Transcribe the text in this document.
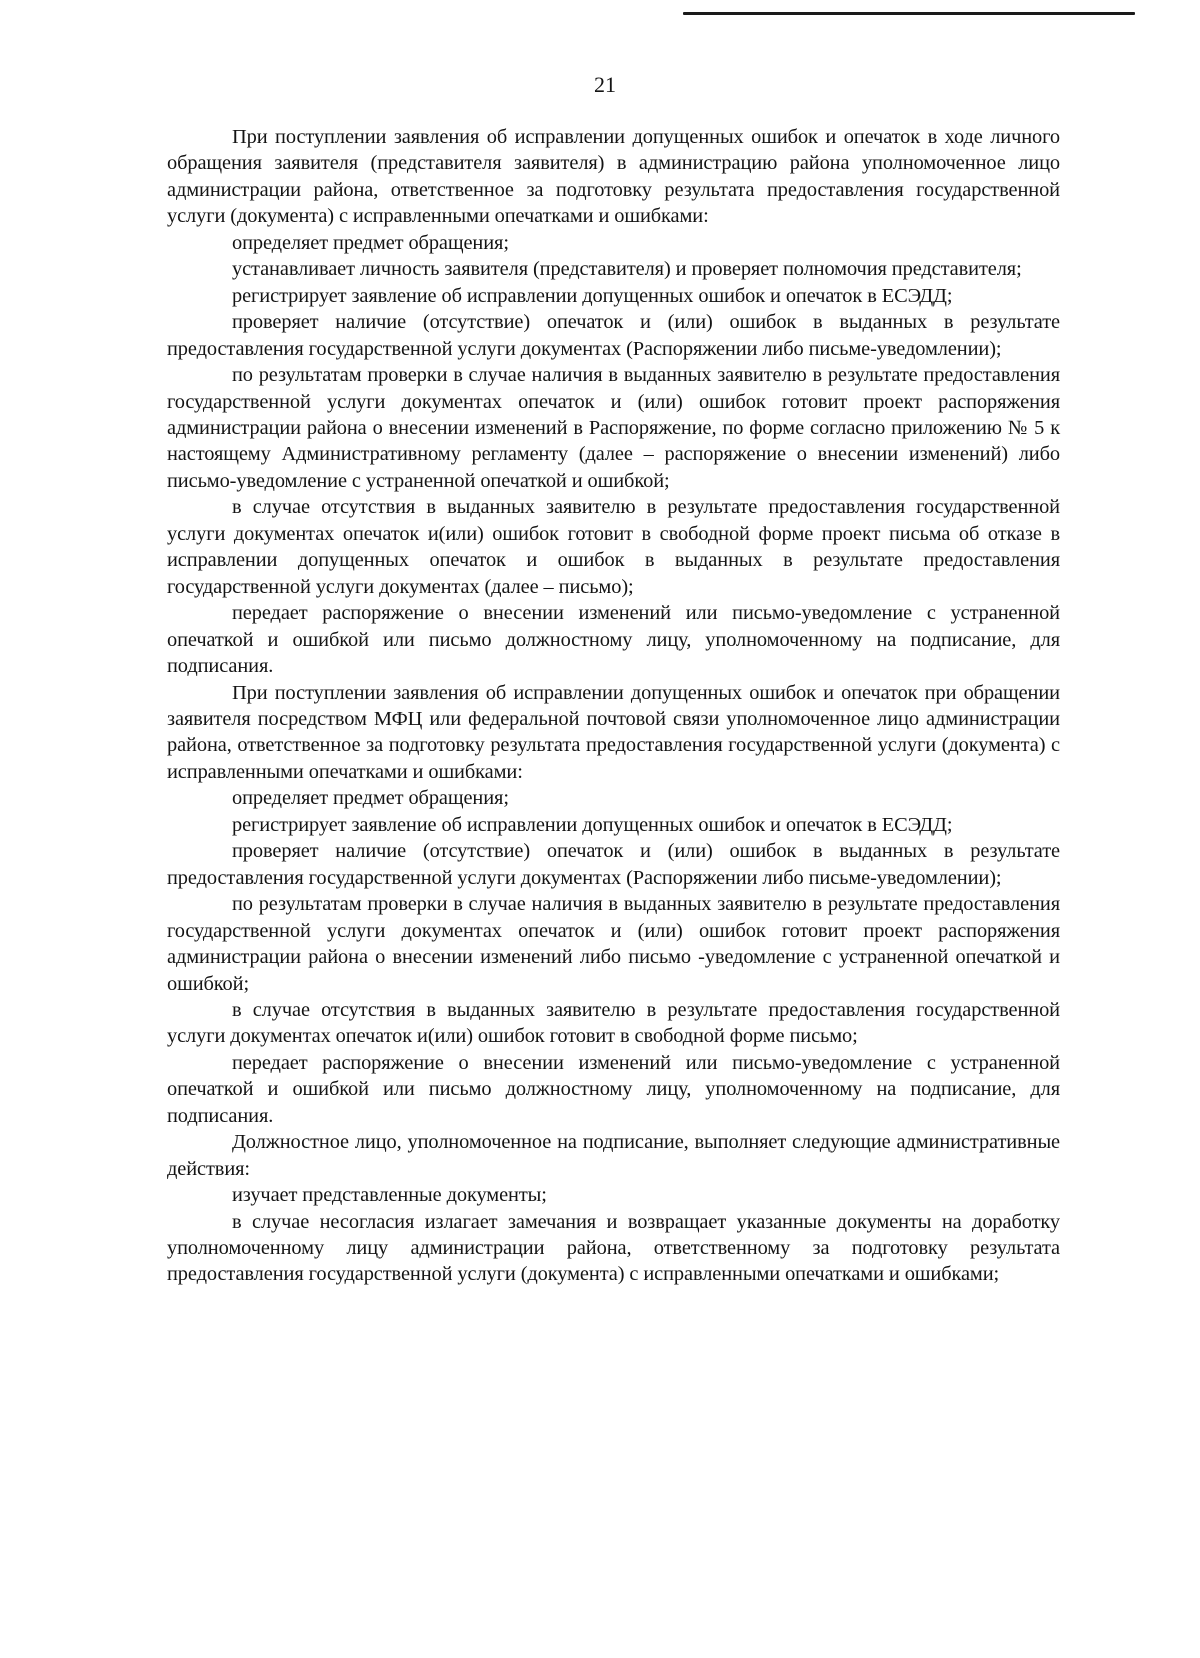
21

При поступлении заявления об исправлении допущенных ошибок и опечаток в ходе личного обращения заявителя (представителя заявителя) в администрацию района уполномоченное лицо администрации района, ответственное за подготовку результата предоставления государственной услуги (документа) с исправленными опечатками и ошибками:

определяет предмет обращения;

устанавливает личность заявителя (представителя) и проверяет полномочия представителя;

регистрирует заявление об исправлении допущенных ошибок и опечаток в ЕСЭДД;

проверяет наличие (отсутствие) опечаток и (или) ошибок в выданных в результате предоставления государственной услуги документах (Распоряжении либо письме-уведомлении);

по результатам проверки в случае наличия в выданных заявителю в результате предоставления государственной услуги документах опечаток и (или) ошибок готовит проект распоряжения администрации района о внесении изменений в Распоряжение, по форме согласно приложению № 5 к настоящему Административному регламенту (далее – распоряжение о внесении изменений) либо письмо-уведомление с устраненной опечаткой и ошибкой;

в случае отсутствия в выданных заявителю в результате предоставления государственной услуги документах опечаток и(или) ошибок готовит в свободной форме проект письма об отказе в исправлении допущенных опечаток и ошибок в выданных в результате предоставления государственной услуги документах (далее – письмо);

передает распоряжение о внесении изменений или письмо-уведомление с устраненной опечаткой и ошибкой или письмо должностному лицу, уполномоченному на подписание, для подписания.

При поступлении заявления об исправлении допущенных ошибок и опечаток при обращении заявителя посредством МФЦ или федеральной почтовой связи уполномоченное лицо администрации района, ответственное за подготовку результата предоставления государственной услуги (документа) с исправленными опечатками и ошибками:

определяет предмет обращения;

регистрирует заявление об исправлении допущенных ошибок и опечаток в ЕСЭДД;

проверяет наличие (отсутствие) опечаток и (или) ошибок в выданных в результате предоставления государственной услуги документах (Распоряжении либо письме-уведомлении);

по результатам проверки в случае наличия в выданных заявителю в результате предоставления государственной услуги документах опечаток и (или) ошибок готовит проект распоряжения администрации района о внесении изменений либо письмо -уведомление с устраненной опечаткой и ошибкой;

в случае отсутствия в выданных заявителю в результате предоставления государственной услуги документах опечаток и(или) ошибок готовит в свободной форме письмо;

передает распоряжение о внесении изменений или письмо-уведомление с устраненной опечаткой и ошибкой или письмо должностному лицу, уполномоченному на подписание, для подписания.

Должностное лицо, уполномоченное на подписание, выполняет следующие административные действия:

изучает представленные документы;

в случае несогласия излагает замечания и возвращает указанные документы на доработку уполномоченному лицу администрации района, ответственному за подготовку результата предоставления государственной услуги (документа) с исправленными опечатками и ошибками;
